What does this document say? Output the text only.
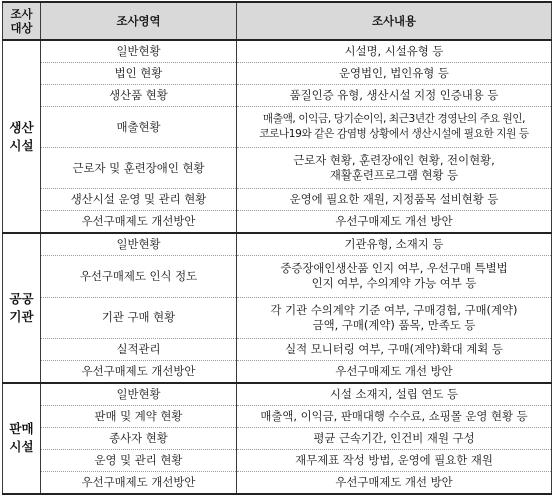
조사
대상	조사영역	조사내용

생산
시설	일반현황	시설명, 시설유형 등

	법인 현황	운영법인, 법인유형 등

	생산품 현황	품질인증 유형, 생산시설 지정 인증내용 등

	매출현황	매출액, 이익금, 당기순이익, 최근3년간 경영난의 주요 원인,
코로나19와 같은 감염병 상황에서 생산시설에 필요한 지원 등

	근로자 및 훈련장애인 현황	근로자 현황, 훈련장애인 현황, 전이현황,
재활훈련프로그램 현황 등

	생산시설 운영 및 관리 현황	운영에 필요한 재원, 지정품목 설비현황 등

	우선구매제도 개선방안	우선구매제도 개선 방안

공공
기관	일반현황	기관유형, 소재지 등

	우선구매제도 인식 정도	중증장애인생산품 인지 여부, 우선구매 특별법
인지 여부, 수의계약 가능 여부 등

	기관 구매 현황	각 기관 수의계약 기준 여부, 구매경험, 구매(계약)
금액, 구매(계약) 품목, 만족도 등

	실적관리	실적 모니터링 여부, 구매(계약)확대 계획 등

	우선구매제도 개선방안	우선구매제도 개선 방안

판매
시설	일반현황	시설 소재지, 설립 연도 등

	판매 및 계약 현황	매출액, 이익금, 판매대행 수수료, 쇼핑몰 운영 현황 등

	종사자 현황	평균 근속기간, 인건비 재원 구성

	운영 및 관리 현황	재무제표 작성 방법, 운영에 필요한 재원

	우선구매제도 개선방안	우선구매제도 개선 방안
